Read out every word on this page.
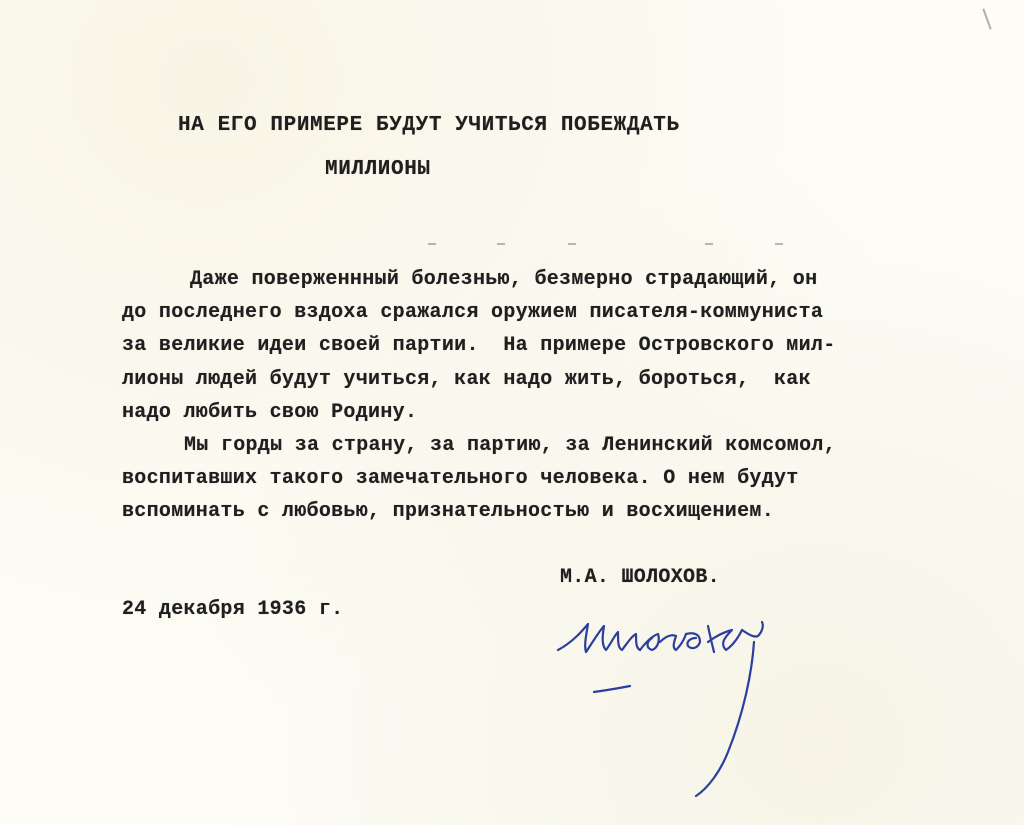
НА ЕГО ПРИМЕРЕ БУДУТ УЧИТЬСЯ ПОБЕЖДАТЬ
МИЛЛИОНЫ
Даже поверженнный болезнью, безмерно страдающий, он
до последнего вздоха сражался оружием писателя-коммуниста
за великие идеи своей партии.  На примере Островского мил-
лионы людей будут учиться, как надо жить, бороться,  как
надо любить свою Родину.
Мы горды за страну, за партию, за Ленинский комсомол,
воспитавших такого замечательного человека. О нем будут
вспоминать с любовью, признательностью и восхищением.
М.А. ШОЛОХОВ.
24 декабря 1936 г.
